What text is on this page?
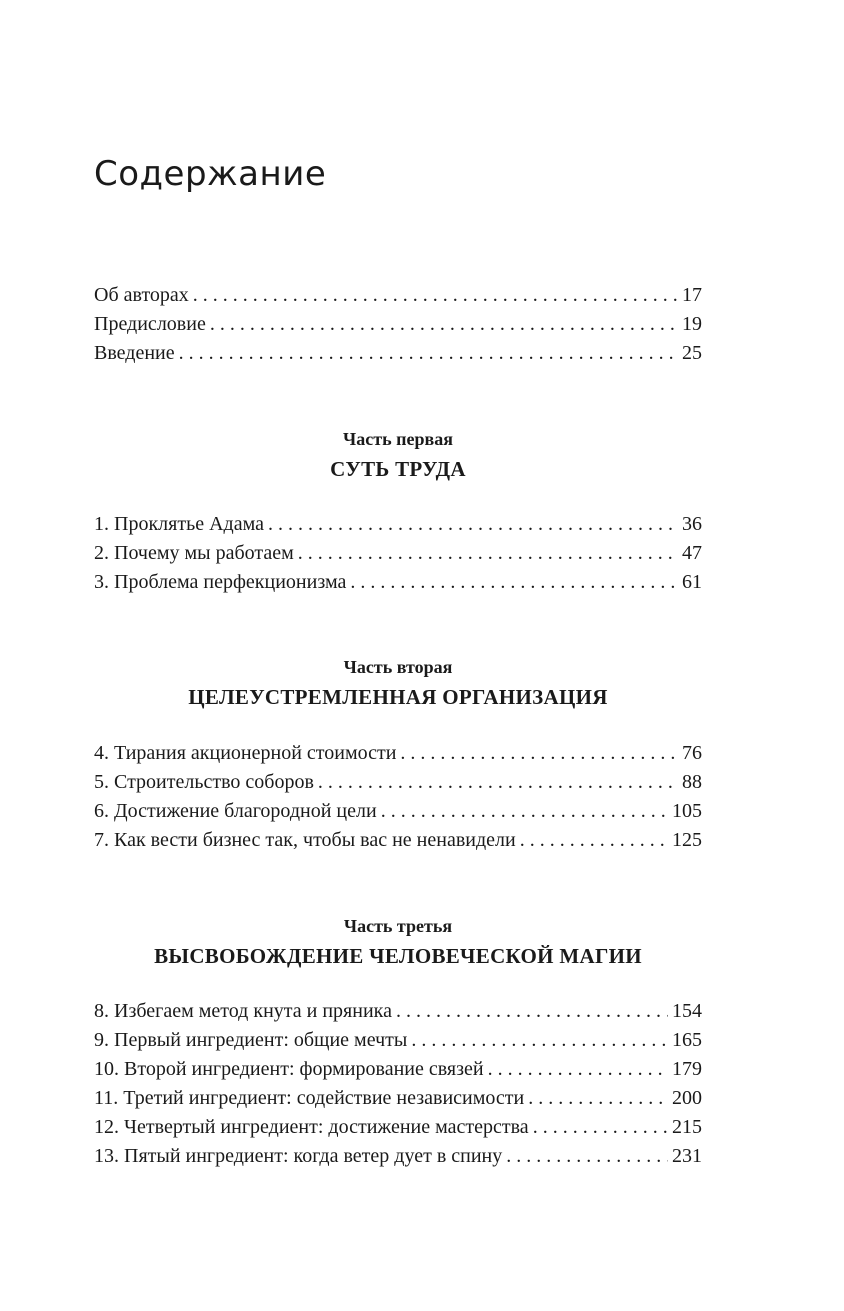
Содержание
Об авторах . . .	17
Предисловие . . .	19
Введение . . .	25
Часть первая
СУТЬ ТРУДА
1. Проклятье Адама . . .	36
2. Почему мы работаем . . .	47
3. Проблема перфекционизма . . .	61
Часть вторая
ЦЕЛЕУСТРЕМЛЕННАЯ ОРГАНИЗАЦИЯ
4. Тирания акционерной стоимости . . .	76
5. Строительство соборов . . .	88
6. Достижение благородной цели . . .	105
7. Как вести бизнес так, чтобы вас не ненавидели . . .	125
Часть третья
ВЫСВОБОЖДЕНИЕ ЧЕЛОВЕЧЕСКОЙ МАГИИ
8. Избегаем метод кнута и пряника . . .	154
9. Первый ингредиент: общие мечты . . .	165
10. Второй ингредиент: формирование связей . . .	179
11. Третий ингредиент: содействие независимости . . .	200
12. Четвертый ингредиент: достижение мастерства . . .	215
13. Пятый ингредиент: когда ветер дует в спину . . .	231
